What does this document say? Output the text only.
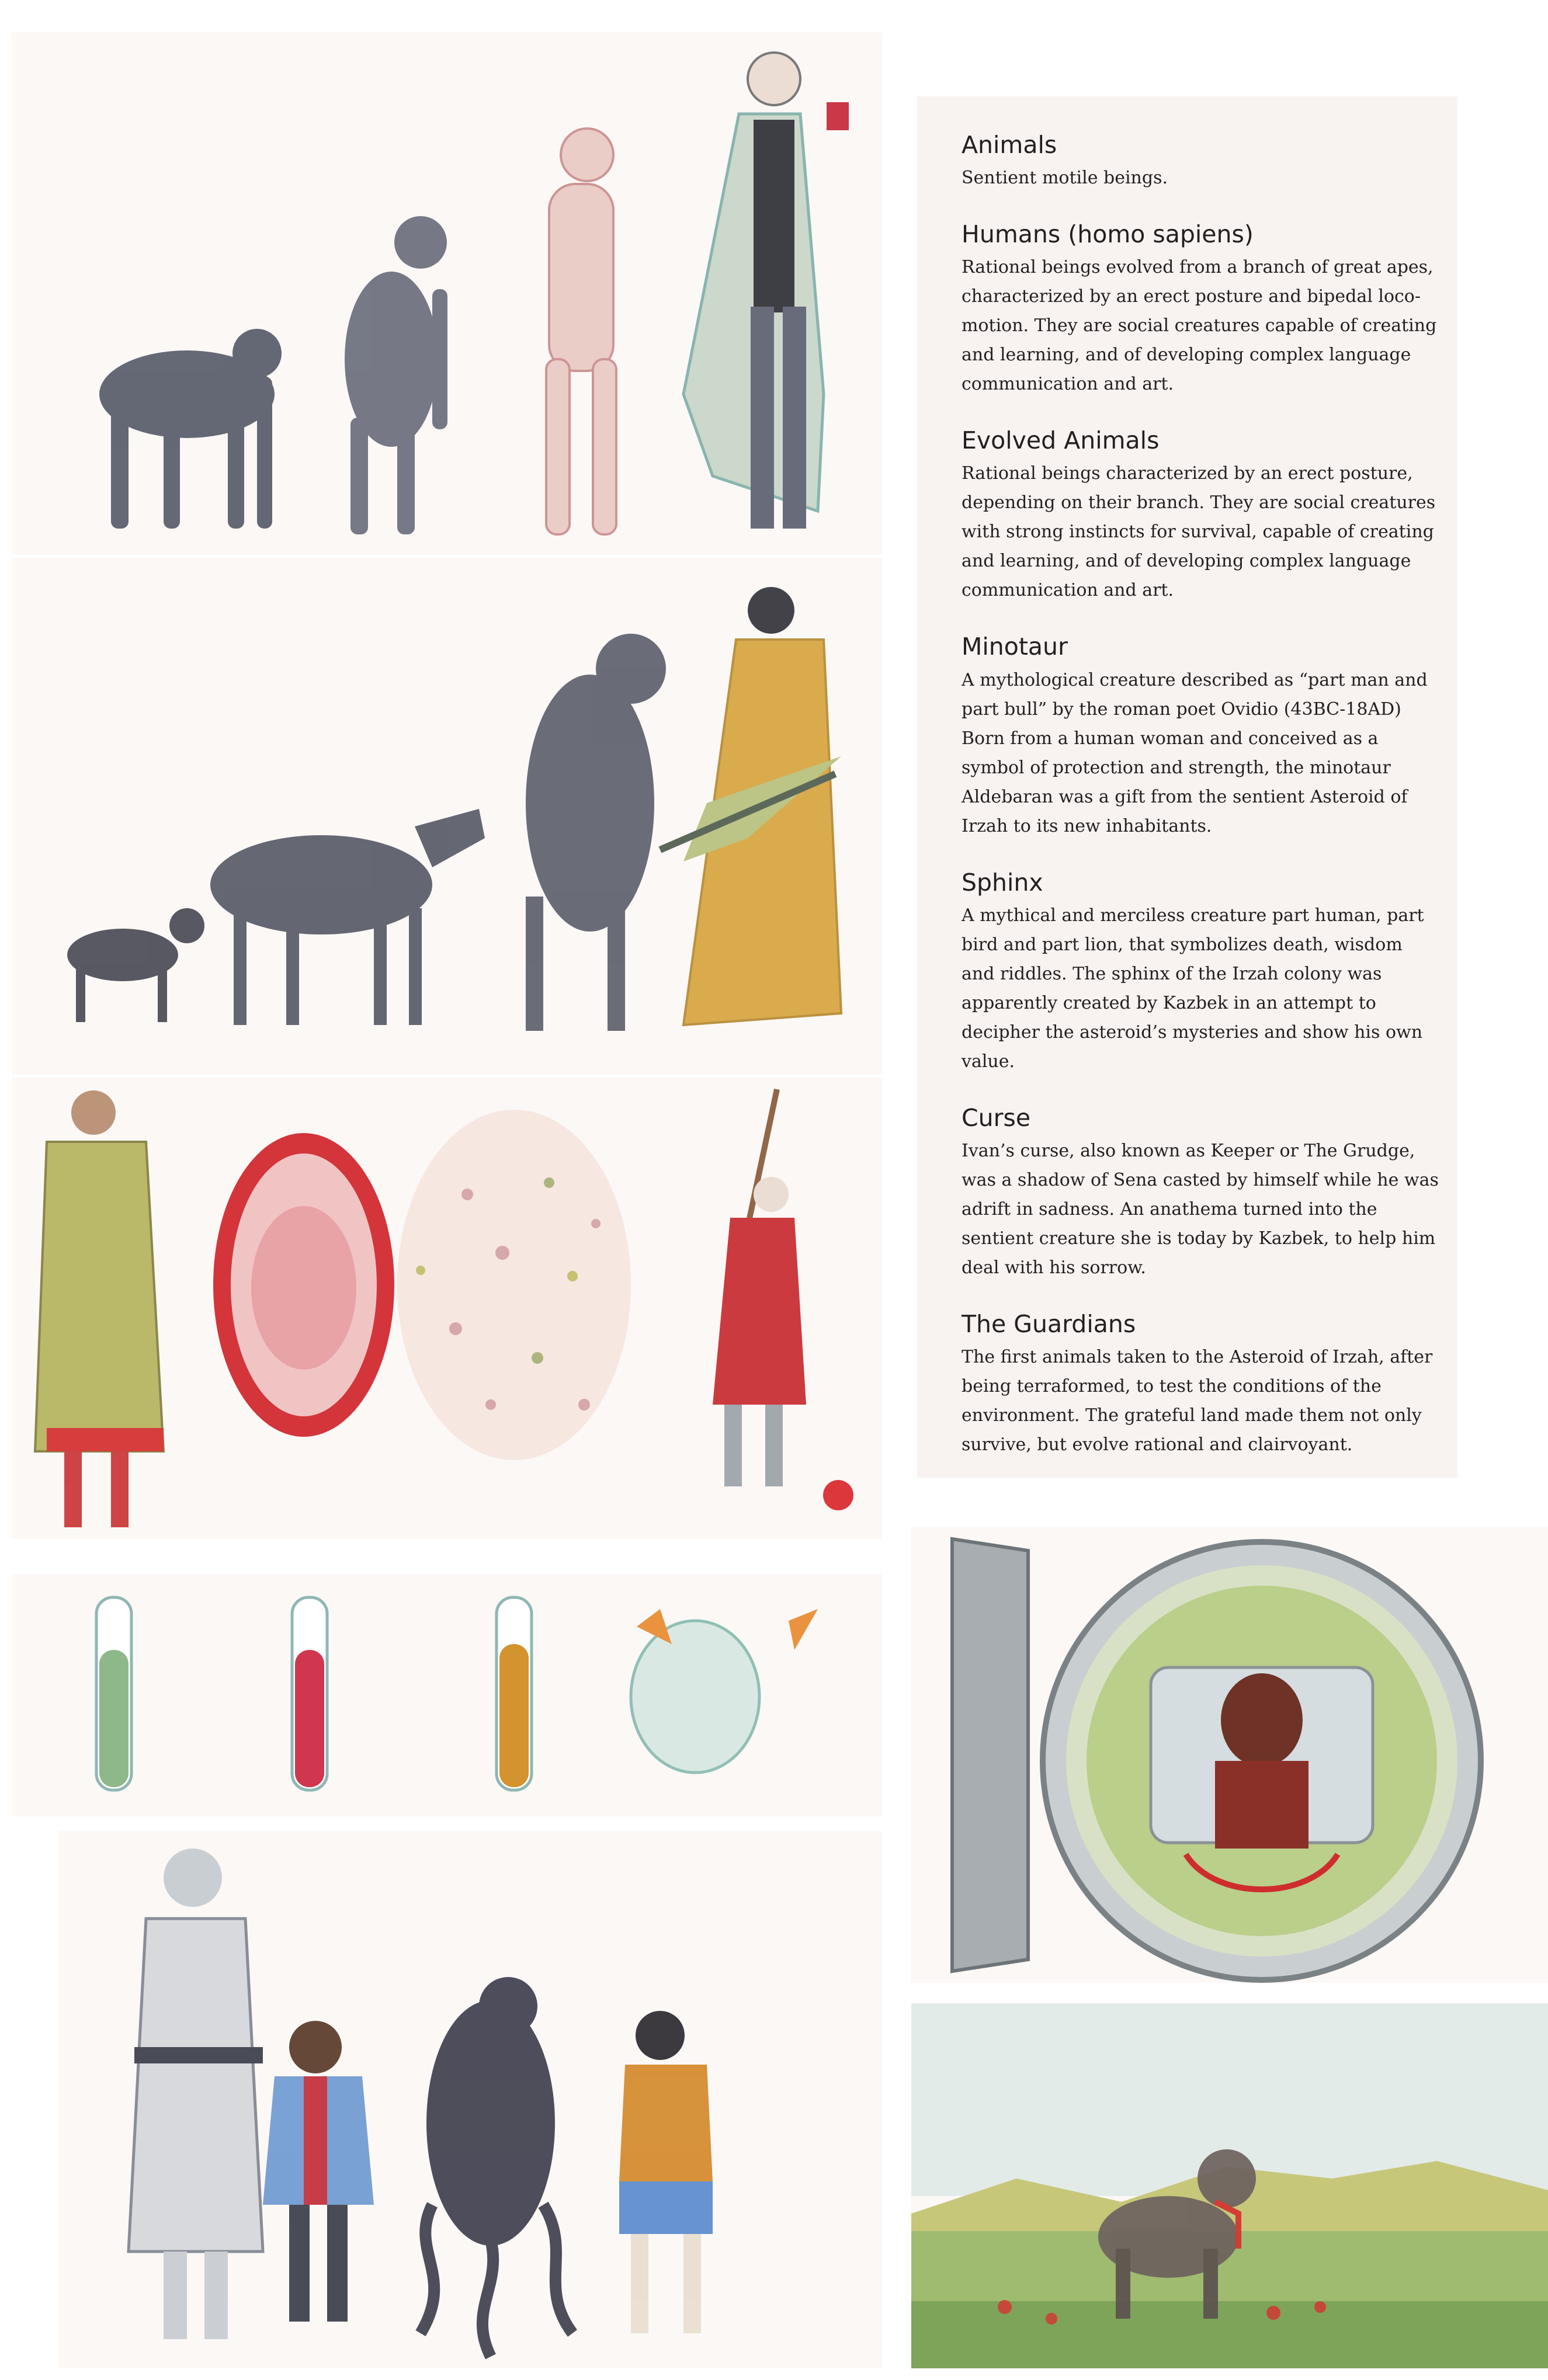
Animals

Sentient motile beings.

Humans (homo sapiens)

Rational beings evolved from a branch of great apes, characterized by an erect posture and bipedal loco-motion. They are social creatures capable of creating and learning, and of developing complex language communication and art.

Evolved Animals

Rational beings characterized by an erect posture, depending on their branch. They are social creatures with strong instincts for survival, capable of creating and learning, and of developing complex language communication and art.

Minotaur

A mythological creature described as “part man and part bull” by the roman poet Ovidio (43BC-18AD) Born from a human woman and conceived as a symbol of protection and strength, the minotaur Aldebaran was a gift from the sentient Asteroid of Irzah to its new inhabitants.

Sphinx

A mythical and merciless creature part human, part bird and part lion, that symbolizes death, wisdom and riddles. The sphinx of the Irzah colony was apparently created by Kazbek in an attempt to decipher the asteroid’s mysteries and show his own value.

Curse

Ivan’s curse, also known as Keeper or The Grudge, was a shadow of Sena casted by himself while he was adrift in sadness. An anathema turned into the sentient creature she is today by Kazbek, to help him deal with his sorrow.

The Guardians

The first animals taken to the Asteroid of Irzah, after being terraformed, to test the conditions of the environment. The grateful land made them not only survive, but evolve rational and clairvoyant.
